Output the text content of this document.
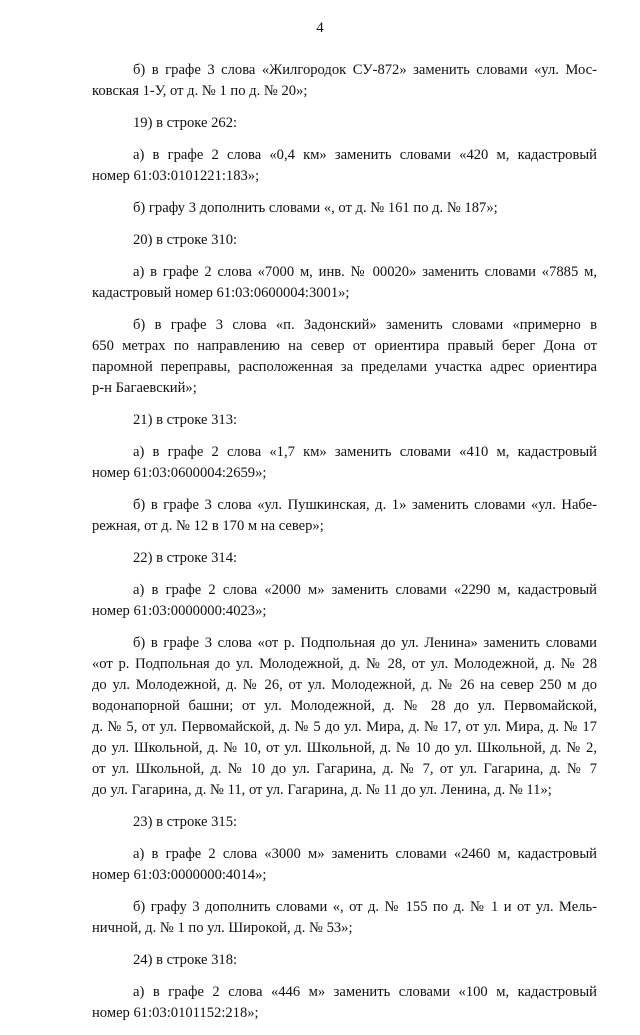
4
б) в графе 3 слова «Жилгородок СУ-872» заменить словами «ул. Мос-
ковская 1-У, от д. № 1 по д. № 20»;
19) в строке 262:
а) в графе 2 слова «0,4 км» заменить словами «420 м, кадастровый
номер 61:03:0101221:183»;
б) графу 3 дополнить словами «, от д. № 161 по д. № 187»;
20) в строке 310:
а) в графе 2 слова «7000 м, инв. № 00020» заменить словами «7885 м,
кадастровый номер 61:03:0600004:3001»;
б) в графе 3 слова «п. Задонский» заменить словами «примерно в
650 метрах по направлению на север от ориентира правый берег Дона от
паромной переправы, расположенная за пределами участка адрес ориентира
р-н Багаевский»;
21) в строке 313:
а) в графе 2 слова «1,7 км» заменить словами «410 м, кадастровый
номер 61:03:0600004:2659»;
б) в графе 3 слова «ул. Пушкинская, д. 1» заменить словами «ул. Набе-
режная, от д. № 12 в 170 м на север»;
22) в строке 314:
а) в графе 2 слова «2000 м» заменить словами «2290 м, кадастровый
номер 61:03:0000000:4023»;
б) в графе 3 слова «от р. Подпольная до ул. Ленина» заменить словами
«от р. Подпольная до ул. Молодежной, д. № 28, от ул. Молодежной, д. № 28
до ул. Молодежной, д. № 26, от ул. Молодежной, д. № 26 на север 250 м до
водонапорной башни; от ул. Молодежной, д. № 28 до ул. Первомайской,
д. № 5, от ул. Первомайской, д. № 5 до ул. Мира, д. № 17, от ул. Мира, д. № 17
до ул. Школьной, д. № 10, от ул. Школьной, д. № 10 до ул. Школьной, д. № 2,
от ул. Школьной, д. № 10 до ул. Гагарина, д. № 7, от ул. Гагарина, д. № 7
до ул. Гагарина, д. № 11, от ул. Гагарина, д. № 11 до ул. Ленина, д. № 11»;
23) в строке 315:
а) в графе 2 слова «3000 м» заменить словами «2460 м, кадастровый
номер 61:03:0000000:4014»;
б) графу 3 дополнить словами «, от д. № 155 по д. № 1 и от ул. Мель-
ничной, д. № 1 по ул. Широкой, д. № 53»;
24) в строке 318:
а) в графе 2 слова «446 м» заменить словами «100 м, кадастровый
номер 61:03:0101152:218»;
